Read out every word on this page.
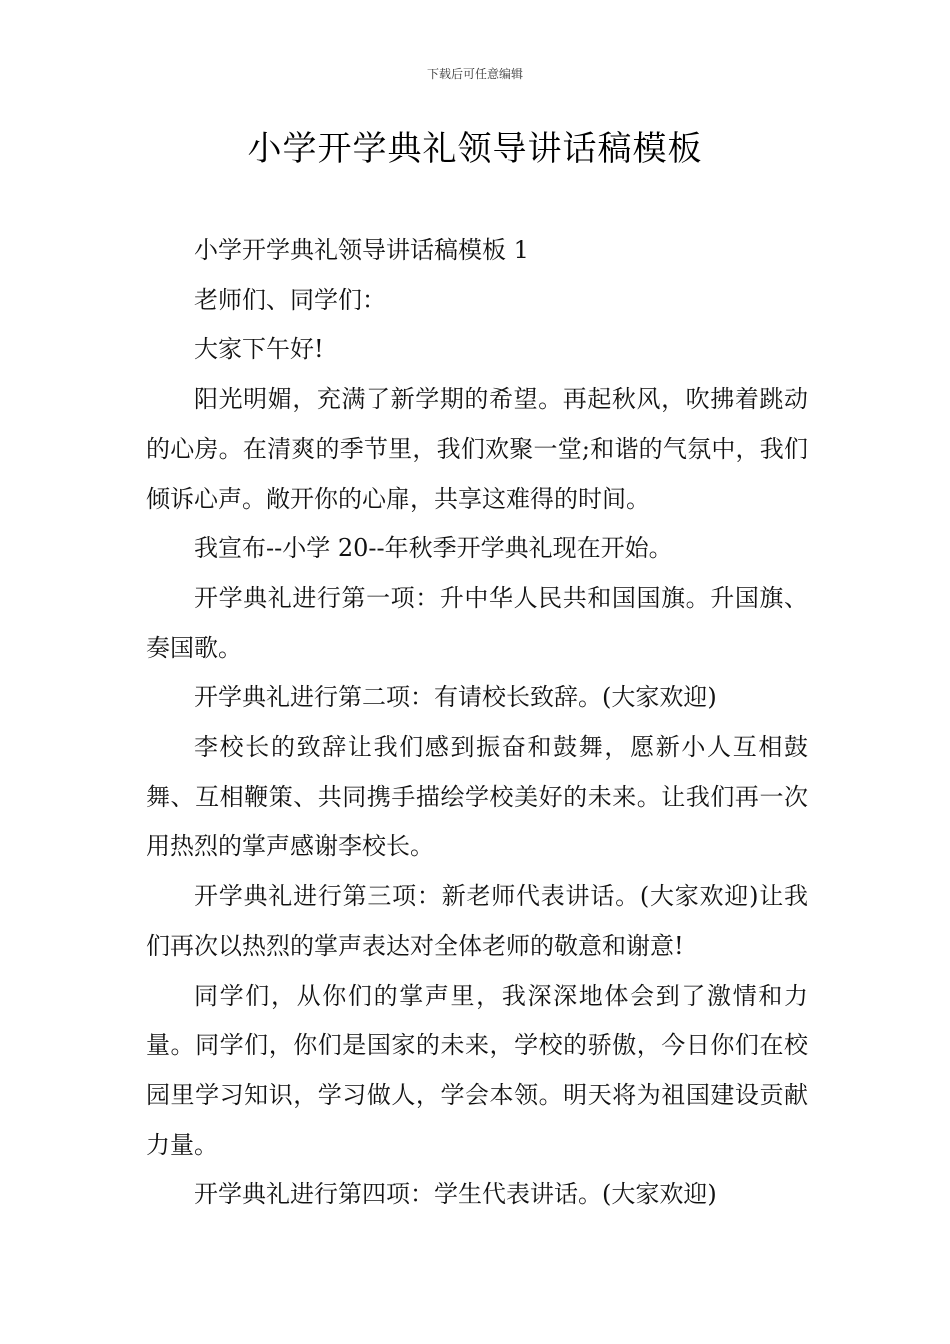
下载后可任意编辑
小学开学典礼领导讲话稿模板

小学开学典礼领导讲话稿模板 1

老师们、同学们：

大家下午好!

阳光明媚，充满了新学期的希望。再起秋风，吹拂着跳动的心房。在清爽的季节里，我们欢聚一堂;和谐的气氛中，我们倾诉心声。敞开你的心扉，共享这难得的时间。

我宣布--小学 20--年秋季开学典礼现在开始。

开学典礼进行第一项：升中华人民共和国国旗。升国旗、奏国歌。

开学典礼进行第二项：有请校长致辞。(大家欢迎)

李校长的致辞让我们感到振奋和鼓舞，愿新小人互相鼓舞、互相鞭策、共同携手描绘学校美好的未来。让我们再一次用热烈的掌声感谢李校长。

开学典礼进行第三项：新老师代表讲话。(大家欢迎)让我们再次以热烈的掌声表达对全体老师的敬意和谢意!

同学们，从你们的掌声里，我深深地体会到了激情和力量。同学们，你们是国家的未来，学校的骄傲，今日你们在校园里学习知识，学习做人，学会本领。明天将为祖国建设贡献力量。

开学典礼进行第四项：学生代表讲话。(大家欢迎)
